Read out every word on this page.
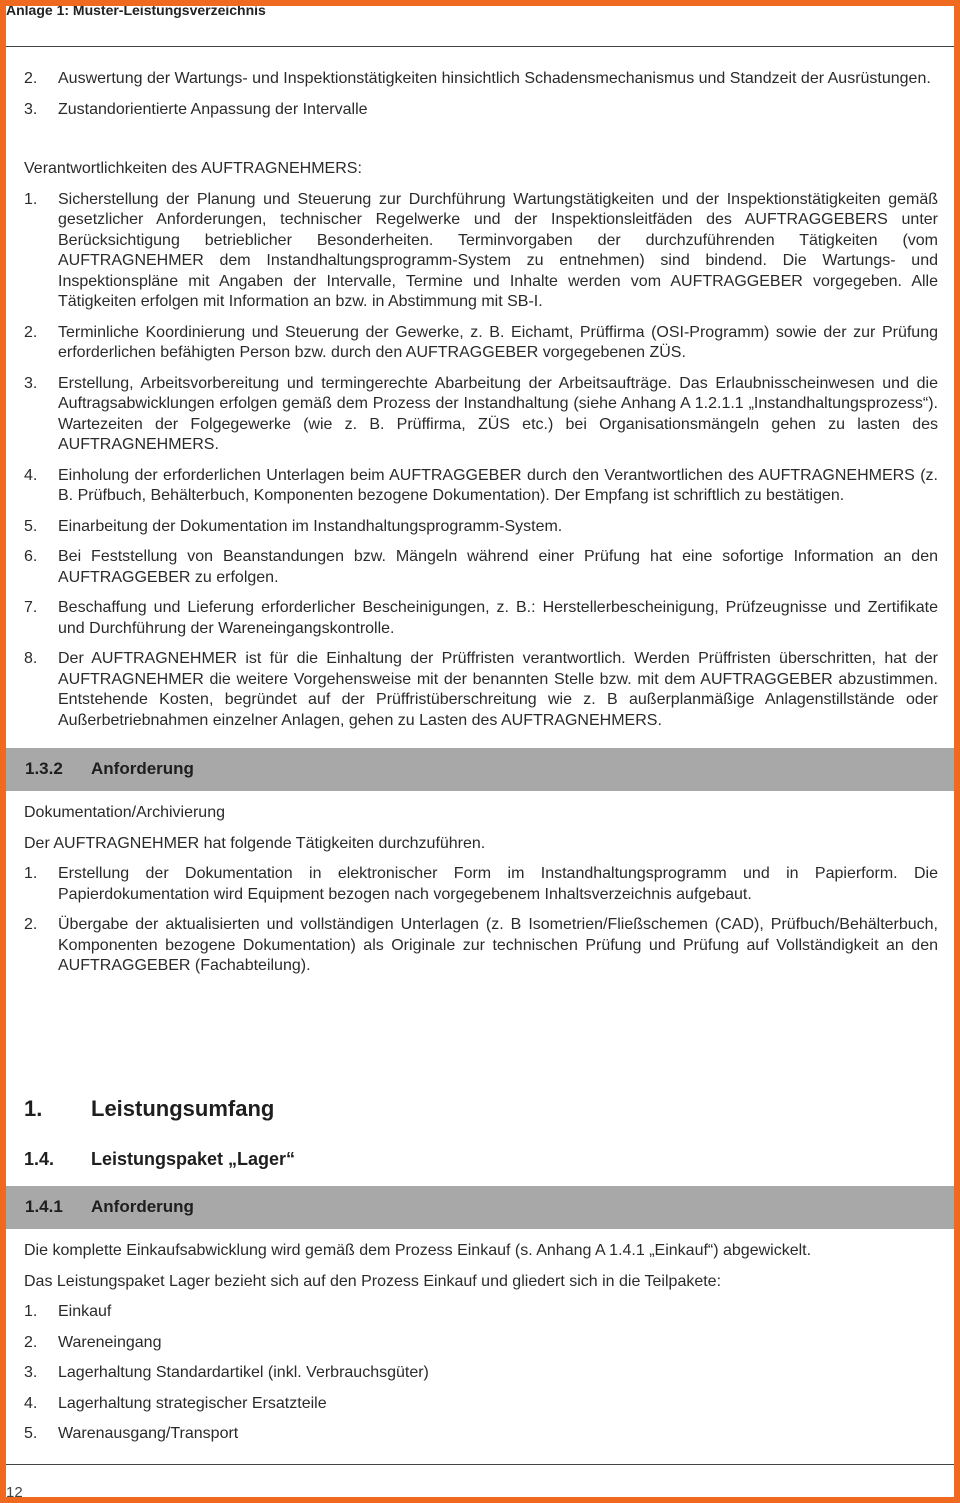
Anlage 1: Muster-Leistungsverzeichnis
2. Auswertung der Wartungs- und Inspektionstätigkeiten hinsichtlich Schadensmechanismus und Standzeit der Ausrüstungen.
3. Zustandorientierte Anpassung der Intervalle

Verantwortlichkeiten des AUFTRAGNEHMERS:

1. Sicherstellung der Planung und Steuerung zur Durchführung Wartungstätigkeiten und der Inspektionstätigkeiten gemäß gesetzlicher Anforderungen, technischer Regelwerke und der Inspektionsleitfäden des AUFTRAGGEBERS unter Berücksichtigung betrieblicher Besonderheiten. Terminvorgaben der durchzuführenden Tätigkeiten (vom AUFTRAGNEHMER dem Instandhaltungsprogramm-System zu entnehmen) sind bindend. Die Wartungs- und Inspektionspläne mit Angaben der Intervalle, Termine und Inhalte werden vom AUFTRAGGEBER vorgegeben. Alle Tätigkeiten erfolgen mit Information an bzw. in Abstimmung mit SB-I.
2. Terminliche Koordinierung und Steuerung der Gewerke, z. B. Eichamt, Prüffirma (OSI-Programm) sowie der zur Prüfung erforderlichen befähigten Person bzw. durch den AUFTRAGGEBER vorgegebenen ZÜS.
3. Erstellung, Arbeitsvorbereitung und termingerechte Abarbeitung der Arbeitsaufträge. Das Erlaubnisscheinwesen und die Auftragsabwicklungen erfolgen gemäß dem Prozess der Instandhaltung (siehe Anhang A 1.2.1.1 „Instandhaltungsprozess“). Wartezeiten der Folgegewerke (wie z. B. Prüffirma, ZÜS etc.) bei Organisationsmängeln gehen zu lasten des AUFTRAGNEHMERS.
4. Einholung der erforderlichen Unterlagen beim AUFTRAGGEBER durch den Verantwortlichen des AUFTRAGNEHMERS (z. B. Prüfbuch, Behälterbuch, Komponenten bezogene Dokumentation). Der Empfang ist schriftlich zu bestätigen.
5. Einarbeitung der Dokumentation im Instandhaltungsprogramm-System.
6. Bei Feststellung von Beanstandungen bzw. Mängeln während einer Prüfung hat eine sofortige Information an den AUFTRAGGEBER zu erfolgen.
7. Beschaffung und Lieferung erforderlicher Bescheinigungen, z. B.: Herstellerbescheinigung, Prüfzeugnisse und Zertifikate und Durchführung der Wareneingangskontrolle.
8. Der AUFTRAGNEHMER ist für die Einhaltung der Prüffristen verantwortlich. Werden Prüffristen überschritten, hat der AUFTRAGNEHMER die weitere Vorgehensweise mit der benannten Stelle bzw. mit dem AUFTRAGGEBER abzustimmen. Entstehende Kosten, begründet auf der Prüffristüberschreitung wie z. B außerplanmäßige Anlagenstillstände oder Außerbetriebnahmen einzelner Anlagen, gehen zu Lasten des AUFTRAGNEHMERS.
1.3.2 Anforderung

Dokumentation/Archivierung

Der AUFTRAGNEHMER hat folgende Tätigkeiten durchzuführen.

1. Erstellung der Dokumentation in elektronischer Form im Instandhaltungsprogramm und in Papierform. Die Papierdokumentation wird Equipment bezogen nach vorgegebenem Inhaltsverzeichnis aufgebaut.
2. Übergabe der aktualisierten und vollständigen Unterlagen (z. B Isometrien/Fließschemen (CAD), Prüfbuch/Behälterbuch, Komponenten bezogene Dokumentation) als Originale zur technischen Prüfung und Prüfung auf Vollständigkeit an den AUFTRAGGEBER (Fachabteilung).
1. Leistungsumfang
1.4. Leistungspaket „Lager“
1.4.1 Anforderung

Die komplette Einkaufsabwicklung wird gemäß dem Prozess Einkauf (s. Anhang A 1.4.1 „Einkauf“) abgewickelt.

Das Leistungspaket Lager bezieht sich auf den Prozess Einkauf und gliedert sich in die Teilpakete:

1. Einkauf
2. Wareneingang
3. Lagerhaltung Standardartikel (inkl. Verbrauchsgüter)
4. Lagerhaltung strategischer Ersatzteile
5. Warenausgang/Transport
12
